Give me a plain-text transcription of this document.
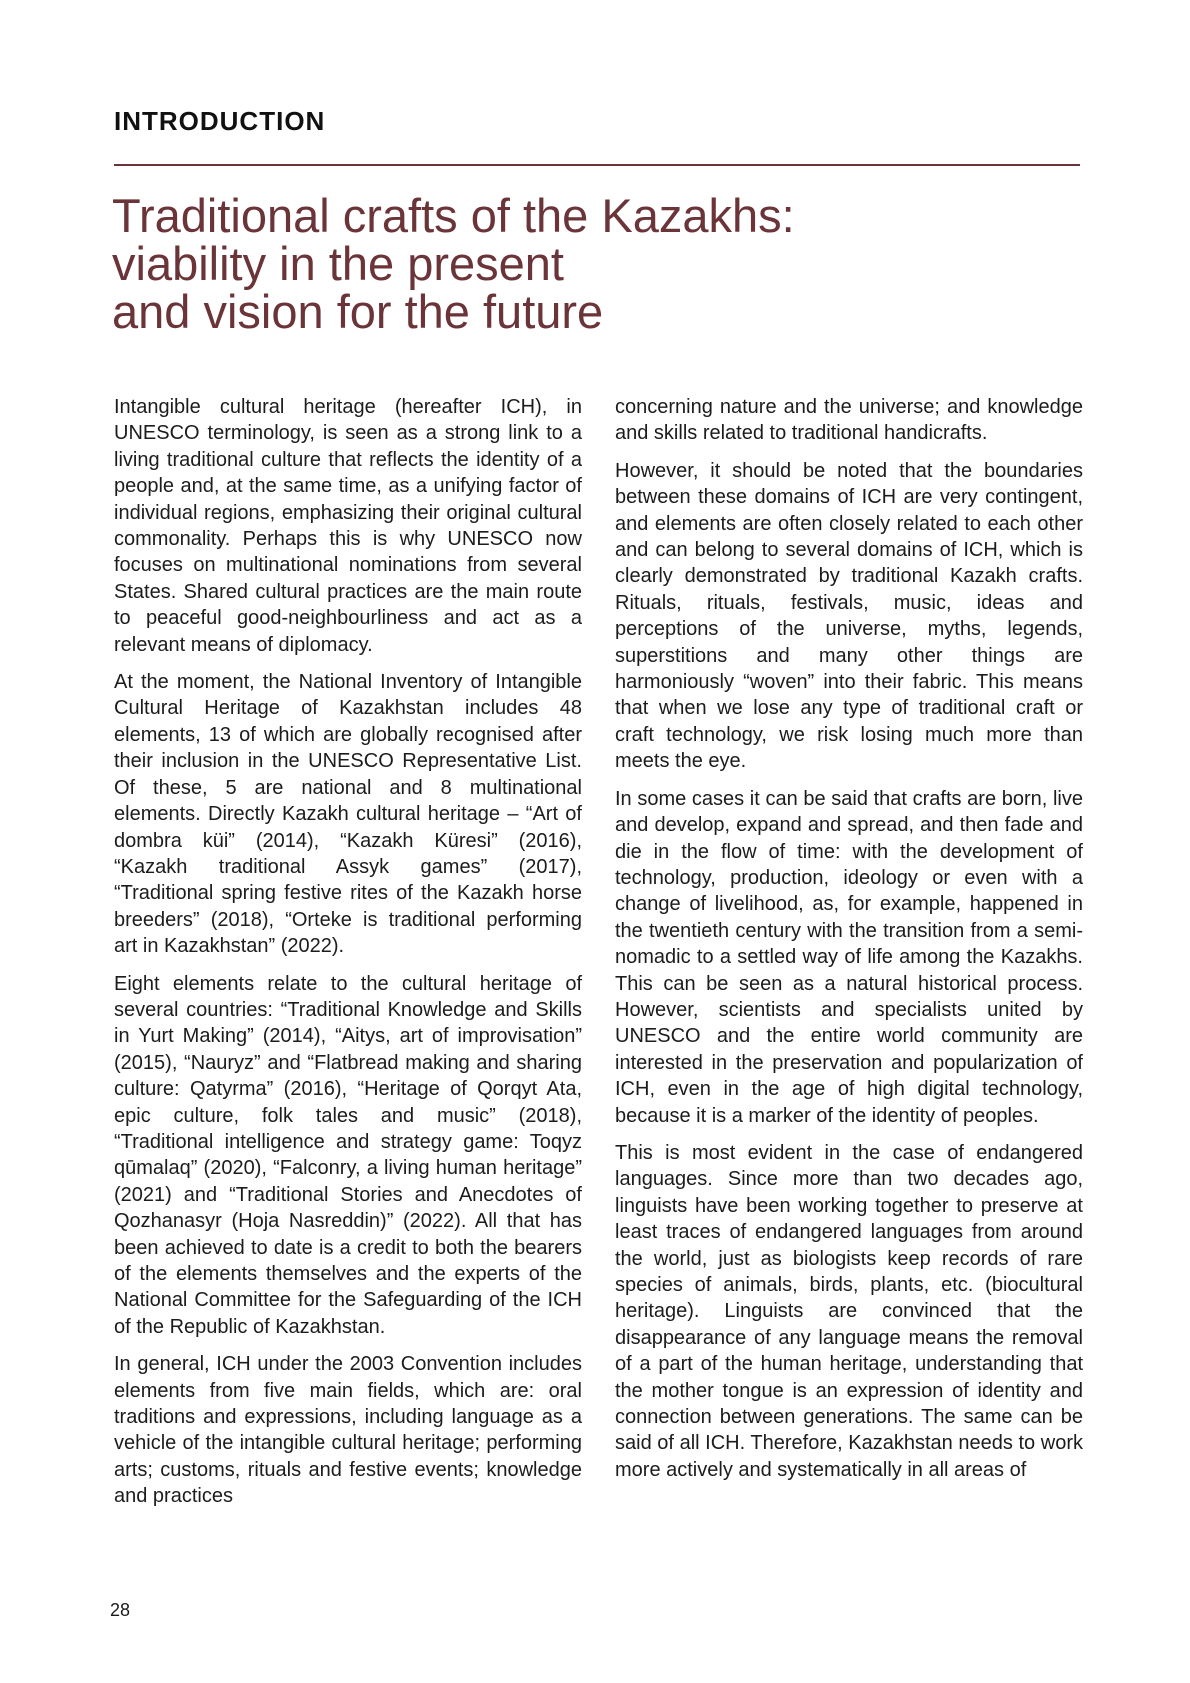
INTRODUCTION
Traditional crafts of the Kazakhs:
viability in the present
and vision for the future

Intangible cultural heritage (hereafter ICH), in UNESCO terminology, is seen as a strong link to a living traditional culture that reflects the identity of a people and, at the same time, as a unifying factor of individual regions, emphasizing their original cultural commonality. Perhaps this is why UNESCO now focuses on multinational nominations from several States. Shared cultural practices are the main route to peaceful good-neighbourliness and act as a relevant means of diplomacy.

At the moment, the National Inventory of Intangible Cultural Heritage of Kazakhstan includes 48 elements, 13 of which are globally recognised after their inclusion in the UNESCO Representative List. Of these, 5 are national and 8 multinational elements. Directly Kazakh cultural heritage – “Art of dombra küi” (2014), “Kazakh Küresi” (2016), “Kazakh traditional Assyk games” (2017), “Traditional spring festive rites of the Kazakh horse breeders” (2018), “Orteke is traditional performing art in Kazakhstan” (2022).

Eight elements relate to the cultural heritage of several countries: “Traditional Knowledge and Skills in Yurt Making” (2014), “Aitys, art of improvisation” (2015), “Nauryz” and “Flatbread making and sharing culture: Qatyrma” (2016), “Heritage of Qorqyt Ata, epic culture, folk tales and music” (2018), “Traditional intelligence and strategy game: Toqyz qūmalaq” (2020), “Falconry, a living human heritage” (2021) and “Traditional Stories and Anecdotes of Qozhanasyr (Hoja Nasreddin)” (2022). All that has been achieved to date is a credit to both the bearers of the elements themselves and the experts of the National Committee for the Safeguarding of the ICH of the Republic of Kazakhstan.

In general, ICH under the 2003 Convention includes elements from five main fields, which are: oral traditions and expressions, including language as a vehicle of the intangible cultural heritage; performing arts; customs, rituals and festive events; knowledge and practices

concerning nature and the universe; and knowledge and skills related to traditional handicrafts.

However, it should be noted that the boundaries between these domains of ICH are very contingent, and elements are often closely related to each other and can belong to several domains of ICH, which is clearly demonstrated by traditional Kazakh crafts. Rituals, rituals, festivals, music, ideas and perceptions of the universe, myths, legends, superstitions and many other things are harmoniously “woven” into their fabric. This means that when we lose any type of traditional craft or craft technology, we risk losing much more than meets the eye.

In some cases it can be said that crafts are born, live and develop, expand and spread, and then fade and die in the flow of time: with the development of technology, production, ideology or even with a change of livelihood, as, for example, happened in the twentieth century with the transition from a semi-nomadic to a settled way of life among the Kazakhs. This can be seen as a natural historical process. However, scientists and specialists united by UNESCO and the entire world community are interested in the preservation and popularization of ICH, even in the age of high digital technology, because it is a marker of the identity of peoples.

This is most evident in the case of endangered languages. Since more than two decades ago, linguists have been working together to preserve at least traces of endangered languages from around the world, just as biologists keep records of rare species of animals, birds, plants, etc. (biocultural heritage). Linguists are convinced that the disappearance of any language means the removal of a part of the human heritage, understanding that the mother tongue is an expression of identity and connection between generations. The same can be said of all ICH. Therefore, Kazakhstan needs to work more actively and systematically in all areas of

28
